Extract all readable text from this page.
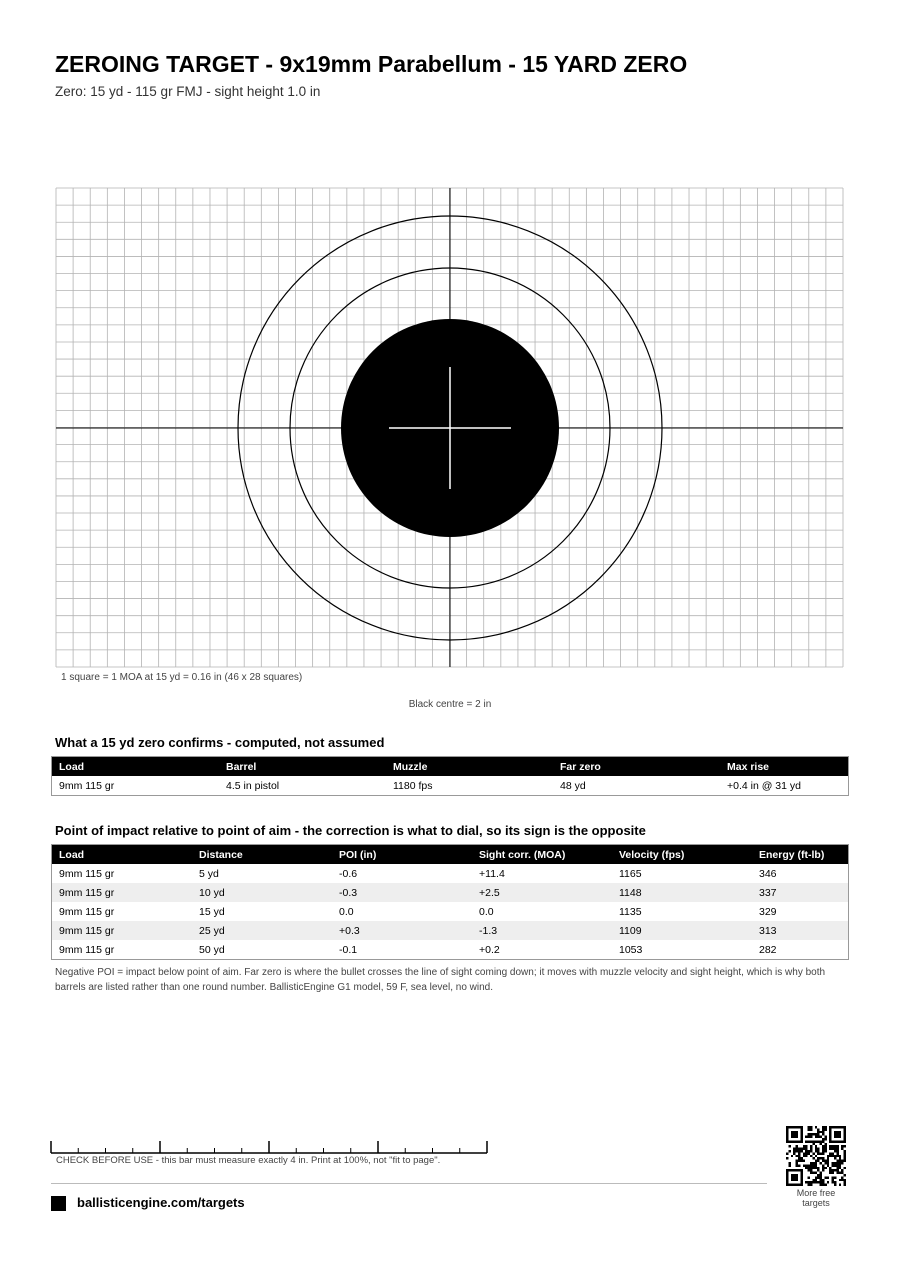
ZEROING TARGET - 9x19mm Parabellum - 15 YARD ZERO
Zero: 15 yd - 115 gr FMJ - sight height 1.0 in
1 square = 1 MOA at 15 yd = 0.16 in (46 x 28 squares)
Black centre = 2 in
What a 15 yd zero confirms - computed, not assumed
Load	Barrel	Muzzle	Far zero	Max rise
9mm 115 gr	4.5 in pistol	1180 fps	48 yd	+0.4 in @ 31 yd
Point of impact relative to point of aim - the correction is what to dial, so its sign is the opposite
Load	Distance	POI (in)	Sight corr. (MOA)	Velocity (fps)	Energy (ft-lb)
9mm 115 gr	5 yd	-0.6	+11.4	1165	346
9mm 115 gr	10 yd	-0.3	+2.5	1148	337
9mm 115 gr	15 yd	0.0	0.0	1135	329
9mm 115 gr	25 yd	+0.3	-1.3	1109	313
9mm 115 gr	50 yd	-0.1	+0.2	1053	282
Negative POI = impact below point of aim. Far zero is where the bullet crosses the line of sight coming down; it moves with muzzle velocity and sight height, which is why both barrels are listed rather than one round number. BallisticEngine G1 model, 59 F, sea level, no wind.
CHECK BEFORE USE - this bar must measure exactly 4 in. Print at 100%, not "fit to page".
ballisticengine.com/targets
More free targets
